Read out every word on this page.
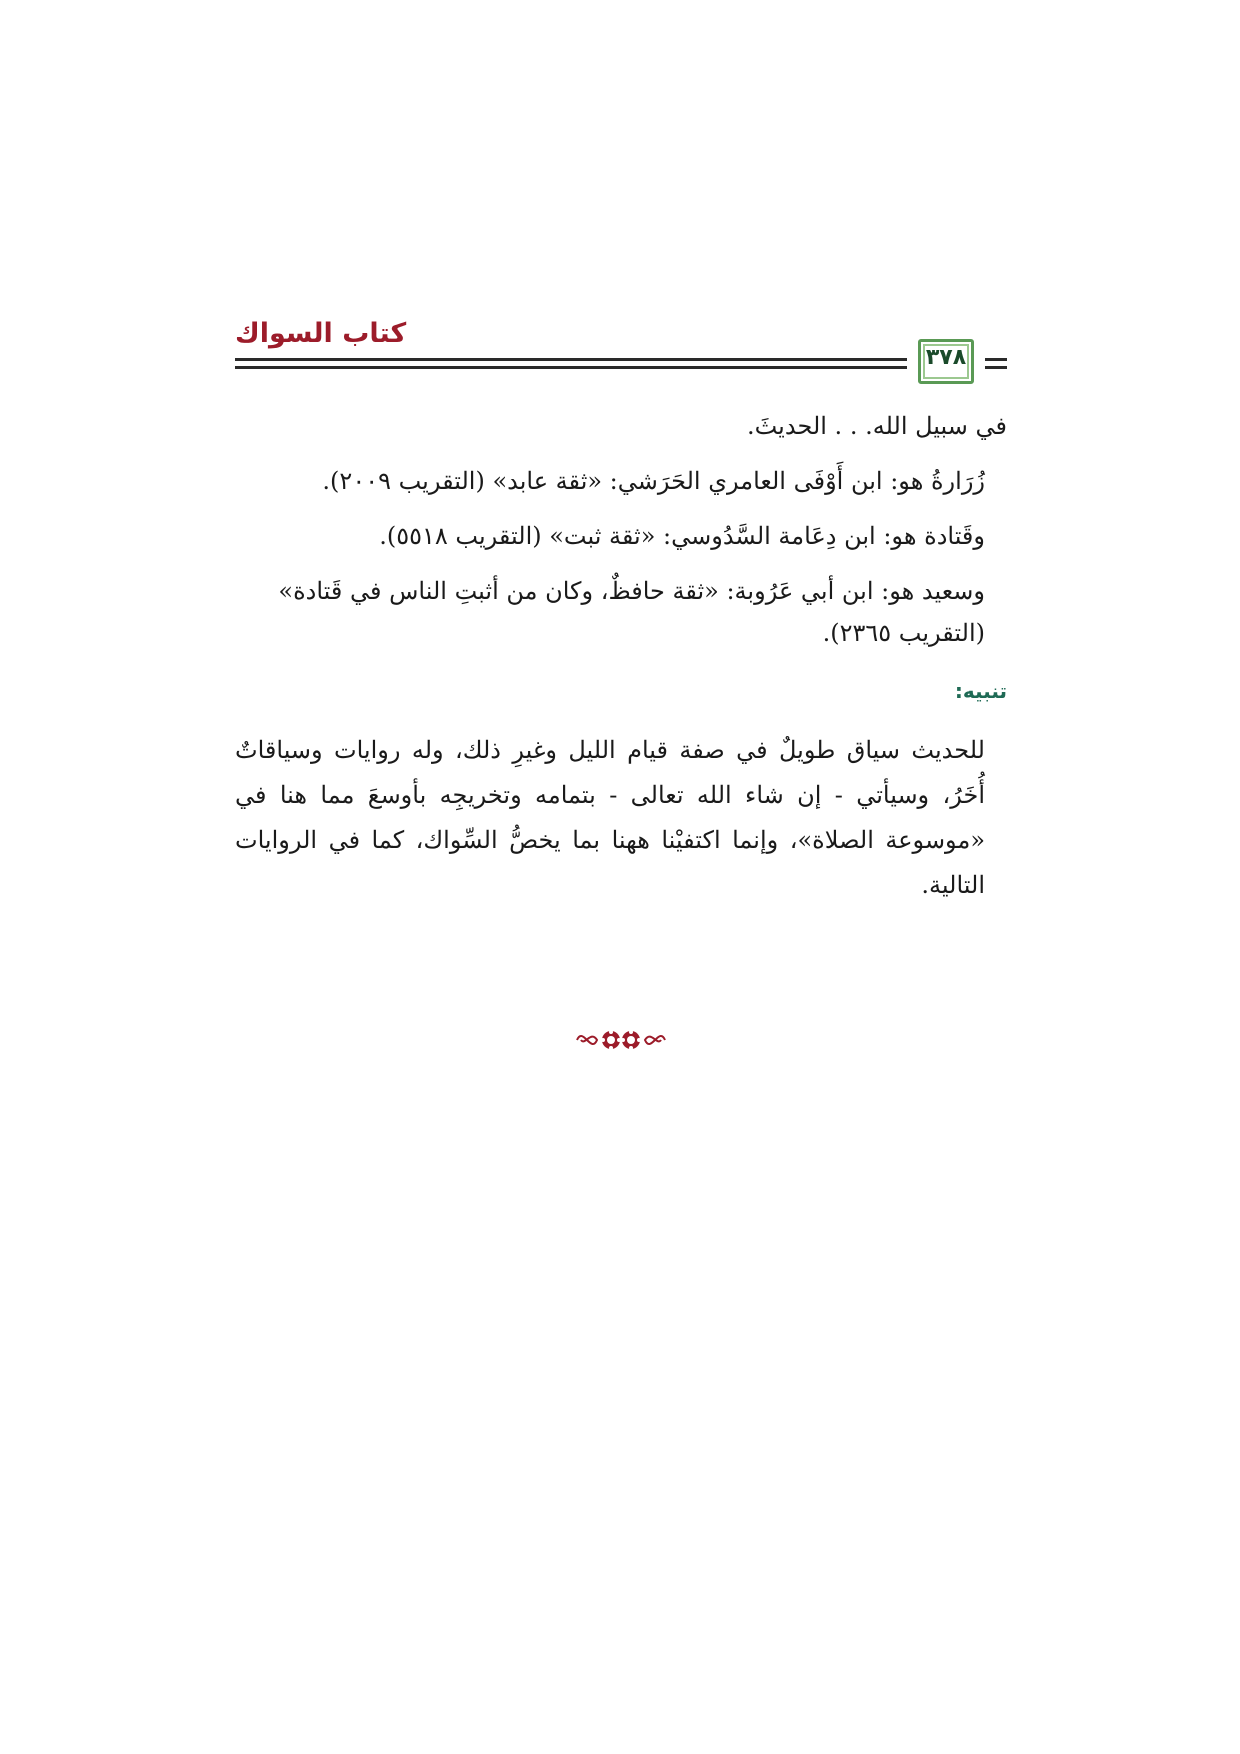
كتاب السواك
٣٧٨

في سبيل الله. . . الحديثَ.

زُرَارةُ هو: ابن أَوْفَى العامري الحَرَشي: «ثقة عابد» (التقريب ٢٠٠٩).

وقَتادة هو: ابن دِعَامة السَّدُوسي: «ثقة ثبت» (التقريب ٥٥١٨).

وسعيد هو: ابن أبي عَرُوبة: «ثقة حافظٌ، وكان من أثبتِ الناس في قَتادة» (التقريب ٢٣٦٥).

تنبيه:

للحديث سياق طويلٌ في صفة قيام الليل وغيرِ ذلك، وله روايات وسياقاتٌ أُخَرُ، وسيأتي - إن شاء الله تعالى - بتمامه وتخريجِه بأوسعَ مما هنا في «موسوعة الصلاة»، وإنما اكتفيْنا ههنا بما يخصُّ السِّواك، كما في الروايات التالية.
